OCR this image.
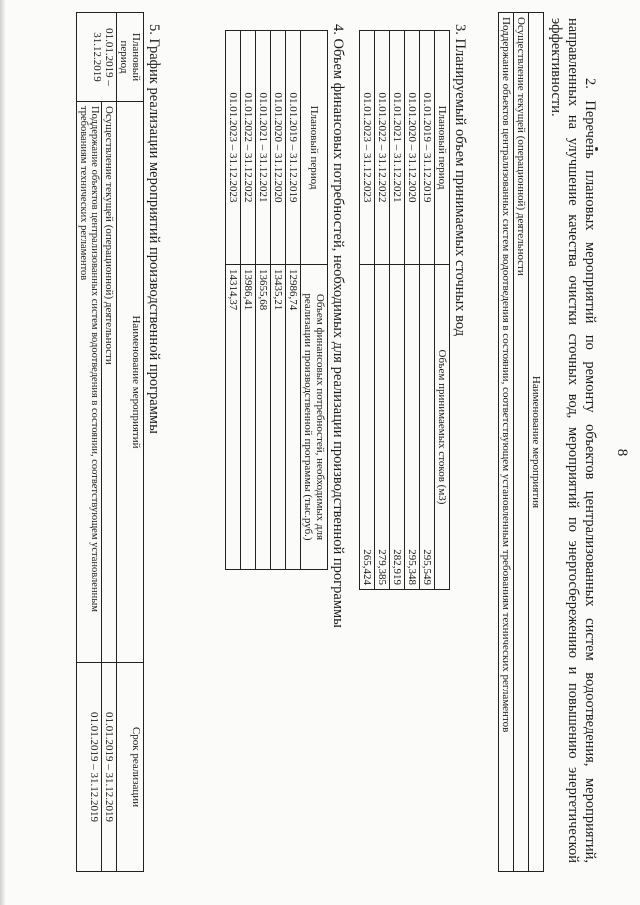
8
2. Перечень плановых мероприятий по ремонту объектов централизованных систем водоотведения, мероприятий, направленных на улучшение качества очистки сточных вод, мероприятий по энергосбережению и повышению энергетической эффективности.
Наименование мероприятия
Осуществление текущей (операционной) деятельности
Поддержание объектов централизованных систем водоотведения в состоянии, соответствующем установленным требованиям технических регламентов
3. Планируемый объем принимаемых сточных вод
Плановый период	Объем принимаемых стоков (м3)
01.01.2019 – 31.12.2019	295,549
01.01.2020 – 31.12.2020	295,348
01.01.2021 – 31.12.2021	282,919
01.01.2022 – 31.12.2022	279,385
01.01.2023 – 31.12.2023	265,424
4. Объем финансовых потребностей, необходимых для реализации производственной программы
Плановый период	Объем финансовых потребностей, необходимых для реализации производственной программы (тыс.руб.)
01.01.2019 – 31.12.2019	12986,74
01.01.2020 – 31.12.2020	13435,21
01.01.2021 – 31.12.2021	13655,68
01.01.2022 – 31.12.2022	13986,41
01.01.2023 – 31.12.2023	14314,37
5. График реализации мероприятий производственной программы
Плановый период	Наименование мероприятий	Срок реализации
01.01.2019 – 31.12.2019	Осуществление текущей (операционной) деятельности	01.01.2019 – 31.12.2019
	Поддержание объектов централизованных систем водоотведения в состоянии, соответствующем установленным требованиям технических регламентов	01.01.2019 – 31.12.2019
